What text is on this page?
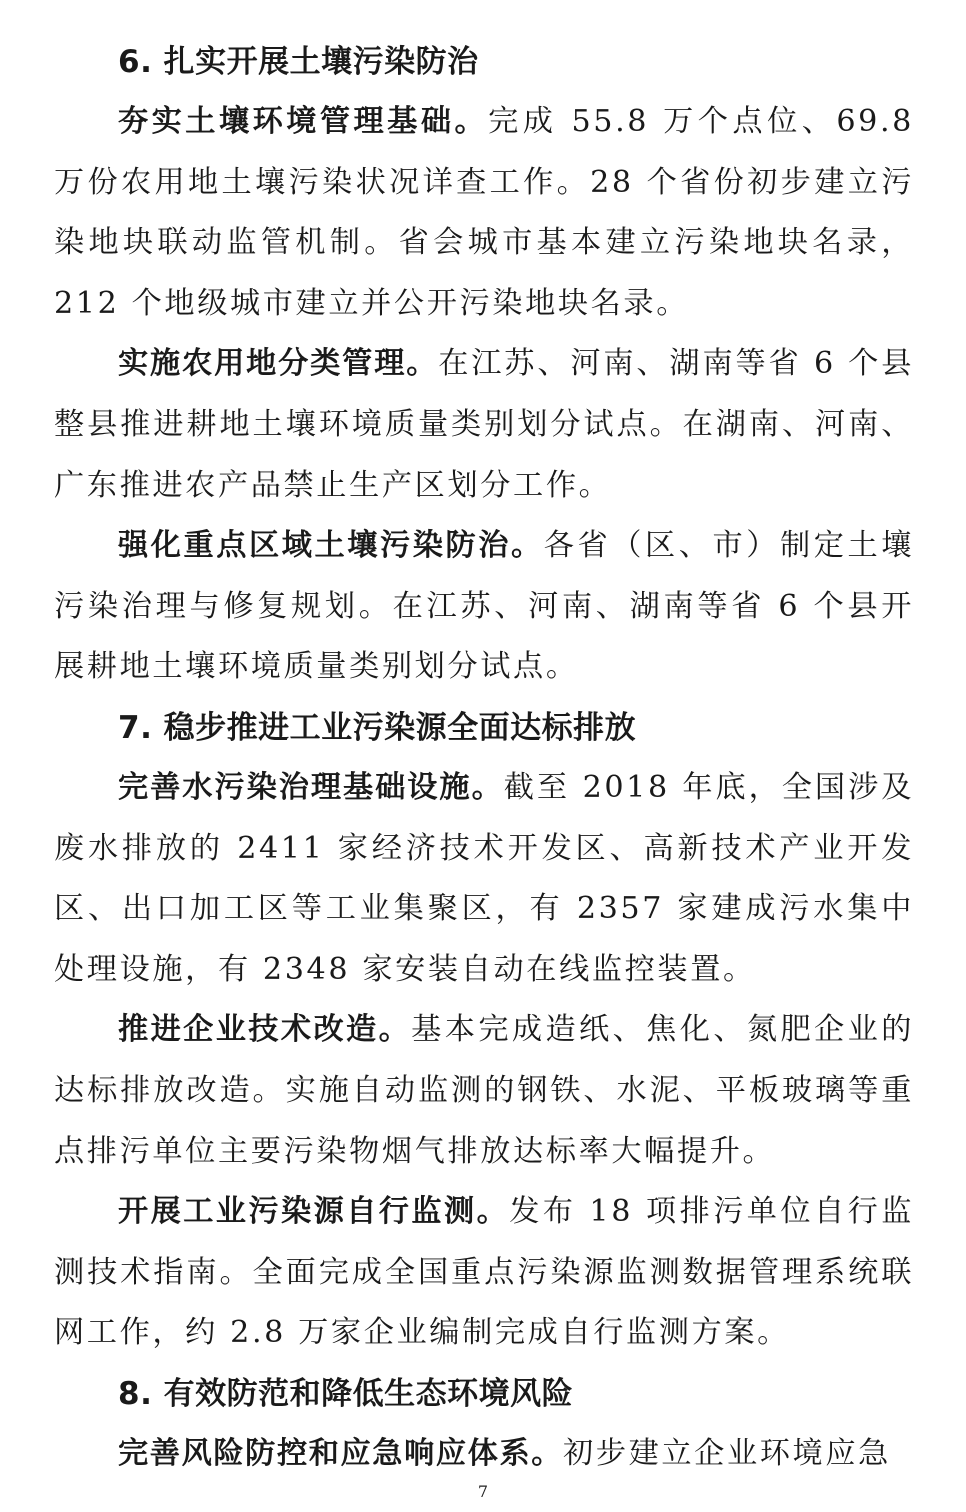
6. 扎实开展土壤污染防治

夯实土壤环境管理基础。完成 55.8 万个点位、69.8 万份农用地土壤污染状况详查工作。28 个省份初步建立污染地块联动监管机制。省会城市基本建立污染地块名录，212 个地级城市建立并公开污染地块名录。

实施农用地分类管理。在江苏、河南、湖南等省 6 个县整县推进耕地土壤环境质量类别划分试点。在湖南、河南、广东推进农产品禁止生产区划分工作。

强化重点区域土壤污染防治。各省（区、市）制定土壤污染治理与修复规划。在江苏、河南、湖南等省 6 个县开展耕地土壤环境质量类别划分试点。

7. 稳步推进工业污染源全面达标排放

完善水污染治理基础设施。截至 2018 年底，全国涉及废水排放的 2411 家经济技术开发区、高新技术产业开发区、出口加工区等工业集聚区，有 2357 家建成污水集中处理设施，有 2348 家安装自动在线监控装置。

推进企业技术改造。基本完成造纸、焦化、氮肥企业的达标排放改造。实施自动监测的钢铁、水泥、平板玻璃等重点排污单位主要污染物烟气排放达标率大幅提升。

开展工业污染源自行监测。发布 18 项排污单位自行监测技术指南。全面完成全国重点污染源监测数据管理系统联网工作，约 2.8 万家企业编制完成自行监测方案。

8. 有效防范和降低生态环境风险

完善风险防控和应急响应体系。初步建立企业环境应急

7
